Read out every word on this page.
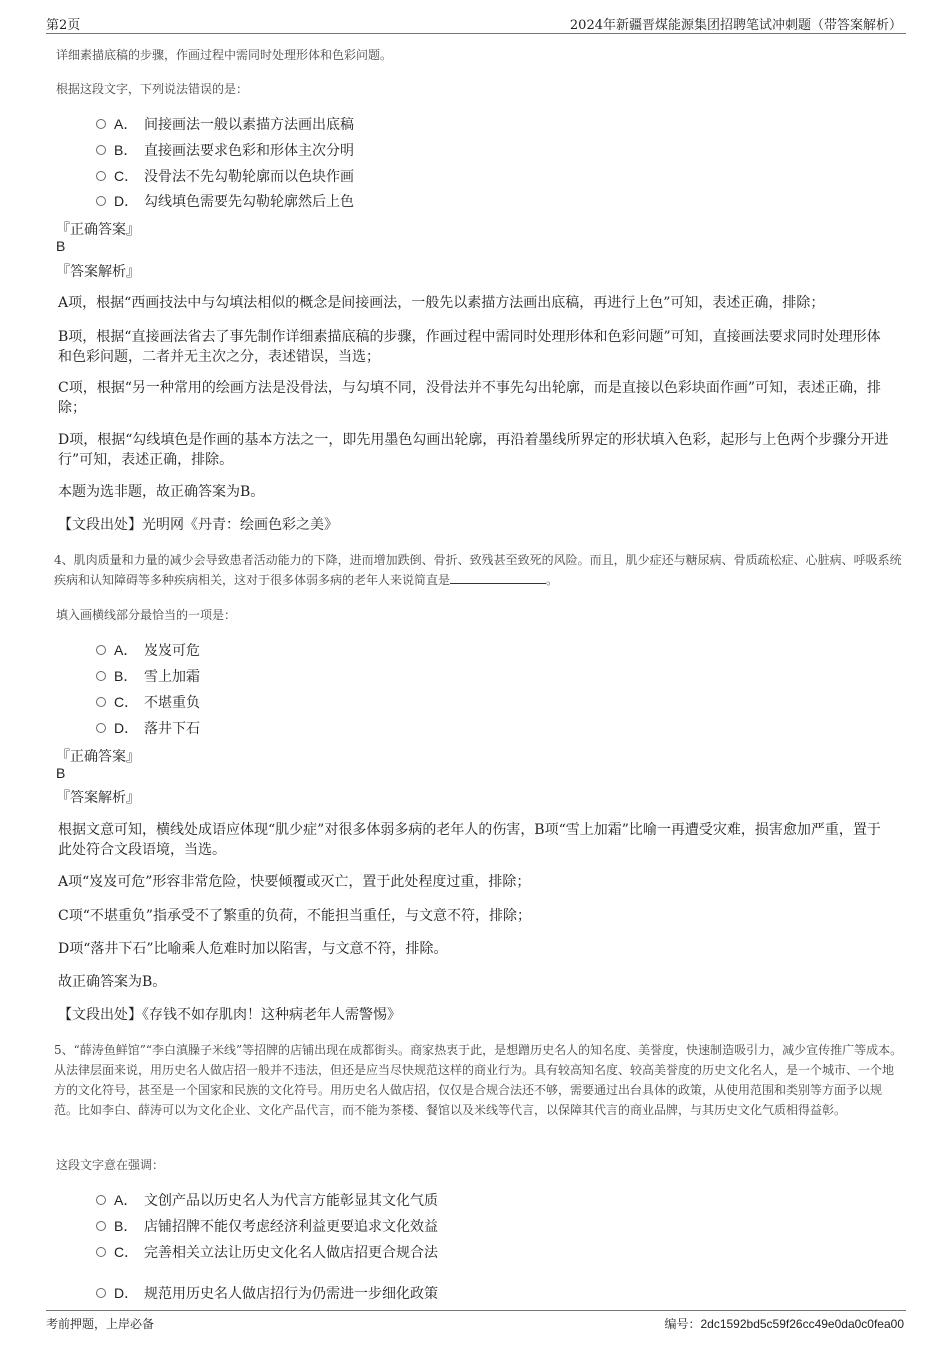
第2页	2024年新疆晋煤能源集团招聘笔试冲刺题（带答案解析）
详细素描底稿的步骤，作画过程中需同时处理形体和色彩问题。
根据这段文字，下列说法错误的是：
A． 间接画法一般以素描方法画出底稿
B． 直接画法要求色彩和形体主次分明
C． 没骨法不先勾勒轮廓而以色块作画
D． 勾线填色需要先勾勒轮廓然后上色
『正确答案』
B
『答案解析』
A项，根据“西画技法中与勾填法相似的概念是间接画法，一般先以素描方法画出底稿，再进行上色”可知，表述正确，排除；
B项，根据“直接画法省去了事先制作详细素描底稿的步骤，作画过程中需同时处理形体和色彩问题”可知，直接画法要求同时处理形体和色彩问题，二者并无主次之分，表述错误，当选；
C项，根据“另一种常用的绘画方法是没骨法，与勾填不同，没骨法并不事先勾出轮廓，而是直接以色彩块面作画”可知，表述正确，排除；
D项，根据“勾线填色是作画的基本方法之一，即先用墨色勾画出轮廓，再沿着墨线所界定的形状填入色彩，起形与上色两个步骤分开进行”可知，表述正确，排除。
本题为选非题，故正确答案为B。
【文段出处】光明网《丹青：绘画色彩之美》
4、肌肉质量和力量的减少会导致患者活动能力的下降，进而增加跌倒、骨折、致残甚至致死的风险。而且，肌少症还与糖尿病、骨质疏松症、心脏病、呼吸系统疾病和认知障碍等多种疾病相关，这对于很多体弱多病的老年人来说简直是	。
填入画横线部分最恰当的一项是：
A． 岌岌可危
B． 雪上加霜
C． 不堪重负
D． 落井下石
『正确答案』
B
『答案解析』
根据文意可知，横线处成语应体现“肌少症”对很多体弱多病的老年人的伤害，B项“雪上加霜”比喻一再遭受灾难，损害愈加严重，置于此处符合文段语境，当选。
A项“岌岌可危”形容非常危险，快要倾覆或灭亡，置于此处程度过重，排除；
C项“不堪重负”指承受不了繁重的负荷，不能担当重任，与文意不符，排除；
D项“落井下石”比喻乘人危难时加以陷害，与文意不符，排除。
故正确答案为B。
【文段出处】《存钱不如存肌肉！这种病老年人需警惕》
5、“薛涛鱼鲜馆”“李白滇臊子米线”等招牌的店铺出现在成都街头。商家热衷于此，是想蹭历史名人的知名度、美誉度，快速制造吸引力，减少宣传推广等成本。从法律层面来说，用历史名人做店招一般并不违法，但还是应当尽快规范这样的商业行为。具有较高知名度、较高美誉度的历史文化名人，是一个城市、一个地方的文化符号，甚至是一个国家和民族的文化符号。用历史名人做店招，仅仅是合规合法还不够，需要通过出台具体的政策，从使用范围和类别等方面予以规范。比如李白、薛涛可以为文化企业、文化产品代言，而不能为茶楼、餐馆以及米线等代言，以保障其代言的商业品牌，与其历史文化气质相得益彰。
这段文字意在强调：
A． 文创产品以历史名人为代言方能彰显其文化气质
B． 店铺招牌不能仅考虑经济利益更要追求文化效益
C． 完善相关立法让历史文化名人做店招更合规合法
D． 规范用历史名人做店招行为仍需进一步细化政策
考前押题，上岸必备	编号：2dc1592bd5c59f26cc49e0da0c0fea00
